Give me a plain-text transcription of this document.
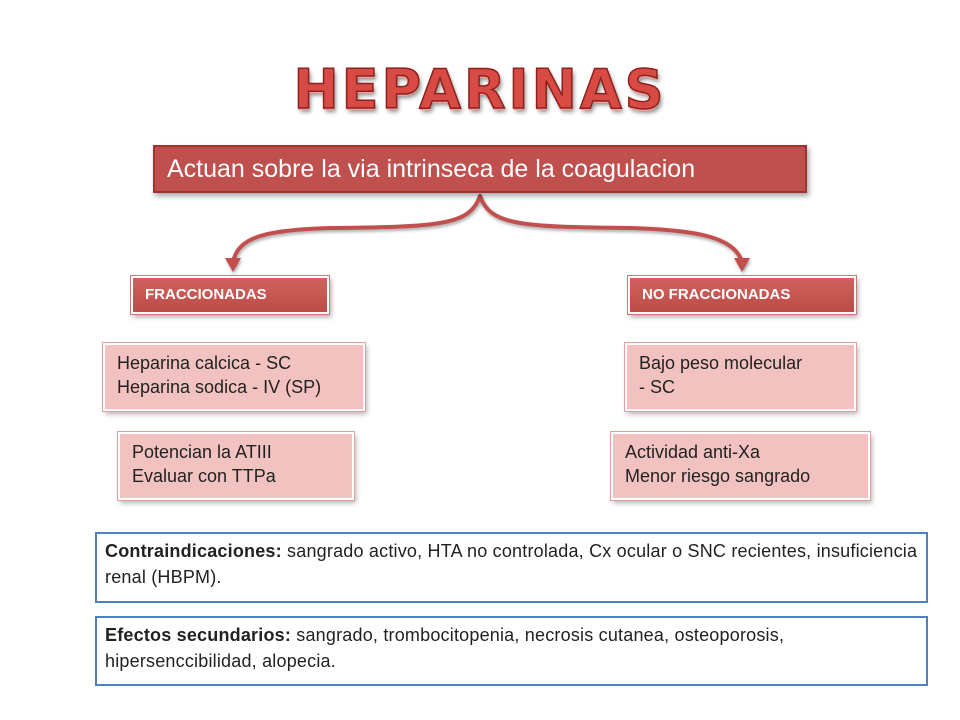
HEPARINAS
Actuan sobre la via intrinseca de la coagulacion
FRACCIONADAS	NO FRACCIONADAS
Heparina calcica - SC
Heparina sodica - IV (SP)
Potencian la ATIII
Evaluar con TTPa
Bajo peso molecular
- SC
Actividad anti-Xa
Menor riesgo sangrado
Contraindicaciones: sangrado activo, HTA no controlada, Cx ocular o SNC recientes, insuficiencia renal (HBPM).
Efectos secundarios: sangrado, trombocitopenia, necrosis cutanea, osteoporosis, hipersenccibilidad, alopecia.
